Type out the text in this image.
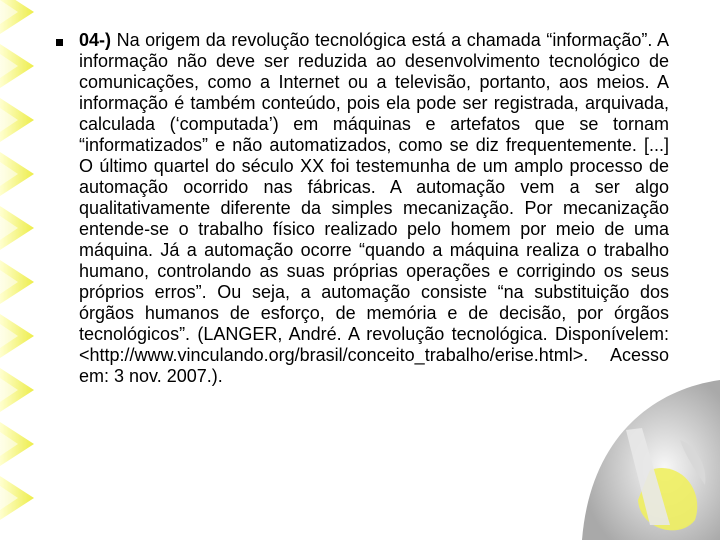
04-) Na origem da revolução tecnológica está a chamada “informação”. A informação não deve ser reduzida ao desenvolvimento tecnológico de comunicações, como a Internet ou a televisão, portanto, aos meios. A informação é também conteúdo, pois ela pode ser registrada, arquivada, calculada (‘computada’) em máquinas e artefatos que se tornam “informatizados” e não automatizados, como se diz frequentemente. [...] O último quartel do século XX foi testemunha de um amplo processo de automação ocorrido nas fábricas. A automação vem a ser algo qualitativamente diferente da simples mecanização. Por mecanização entende-se o trabalho físico realizado pelo homem por meio de uma máquina. Já a automação ocorre “quando a máquina realiza o trabalho humano, controlando as suas próprias operações e corrigindo os seus próprios erros”. Ou seja, a automação consiste “na substituição dos órgãos humanos de esforço, de memória e de decisão, por órgãos tecnológicos”. (LANGER, André. A revolução tecnológica. Disponívelem:<http://www.vinculando.org/brasil/conceito_trabalho/erise.html>. Acesso em: 3 nov. 2007.).
